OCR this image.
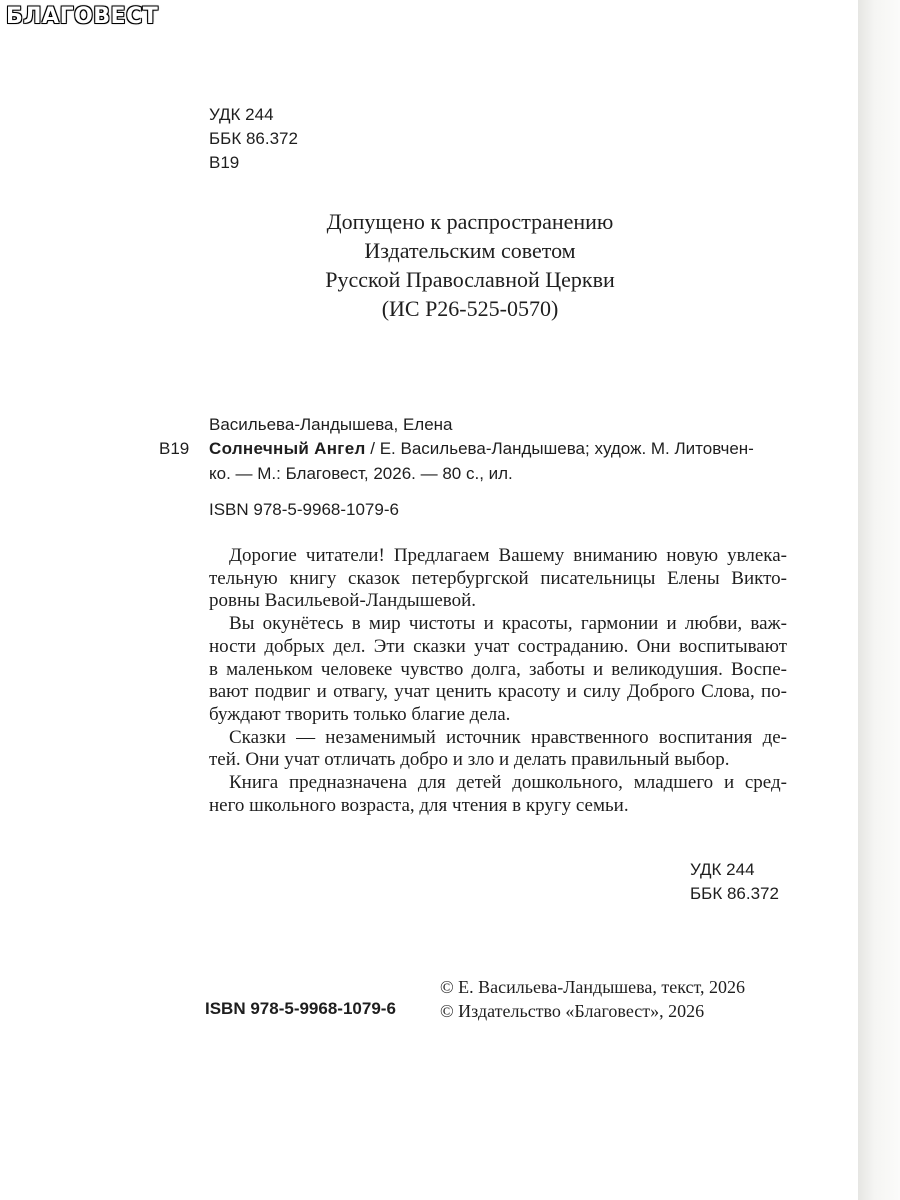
БЛАГОВЕСТ
УДК 244
ББК 86.372
В19
Допущено к распространению
Издательским советом
Русской Православной Церкви
(ИС Р26-525-0570)
Васильева-Ландышева, Елена
В19 Солнечный Ангел / Е. Васильева-Ландышева; худож. М. Литовчен-
ко. — М.: Благовест, 2026. — 80 с., ил.
ISBN 978-5-9968-1079-6
Дорогие читатели! Предлагаем Вашему вниманию новую увлека-
тельную книгу сказок петербургской писательницы Елены Викто-
ровны Васильевой-Ландышевой.
Вы окунётесь в мир чистоты и красоты, гармонии и любви, важ-
ности добрых дел. Эти сказки учат состраданию. Они воспитывают
в маленьком человеке чувство долга, заботы и великодушия. Воспе-
вают подвиг и отвагу, учат ценить красоту и силу Доброго Слова, по-
буждают творить только благие дела.
Сказки — незаменимый источник нравственного воспитания де-
тей. Они учат отличать добро и зло и делать правильный выбор.
Книга предназначена для детей дошкольного, младшего и сред-
него школьного возраста, для чтения в кругу семьи.
УДК 244
ББК 86.372
ISBN 978-5-9968-1079-6
© Е. Васильева-Ландышева, текст, 2026
© Издательство «Благовест», 2026
